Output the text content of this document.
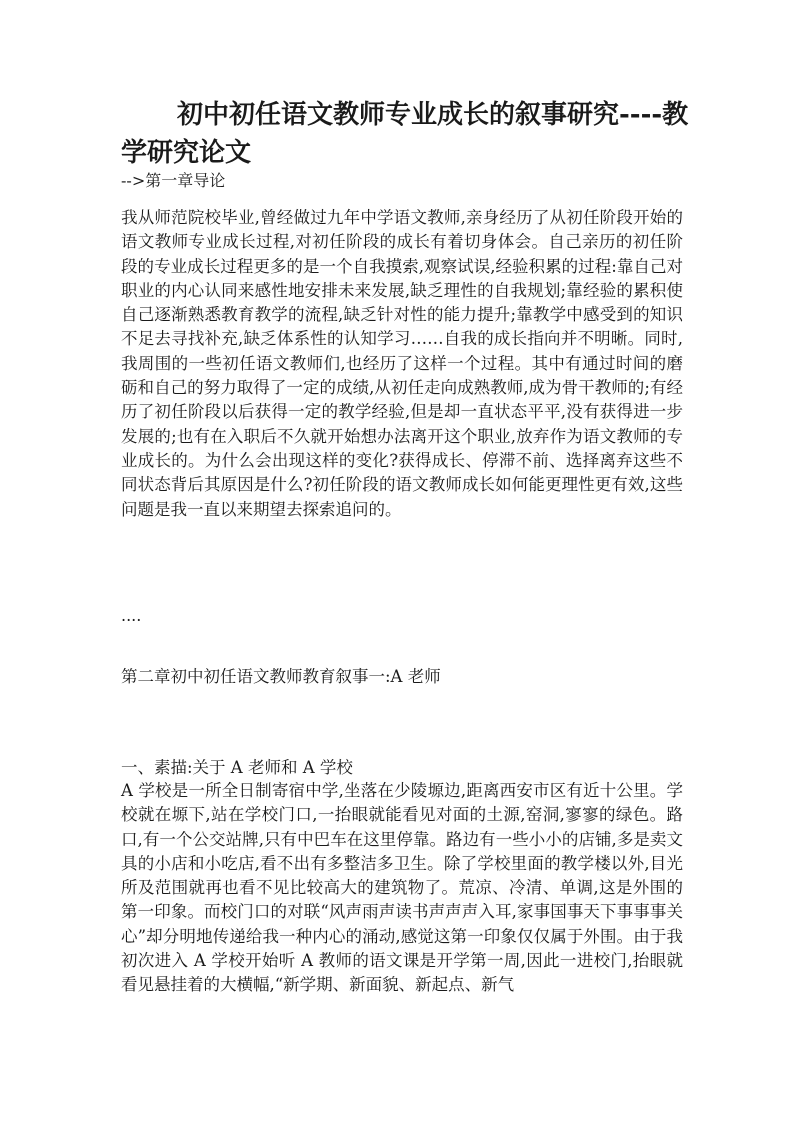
初中初任语文教师专业成长的叙事研究----教学研究论文

-->第一章导论

我从师范院校毕业,曾经做过九年中学语文教师,亲身经历了从初任阶段开始的语文教师专业成长过程,对初任阶段的成长有着切身体会。自己亲历的初任阶段的专业成长过程更多的是一个自我摸索,观察试误,经验积累的过程:靠自己对职业的内心认同来感性地安排未来发展,缺乏理性的自我规划;靠经验的累积使自己逐渐熟悉教育教学的流程,缺乏针对性的能力提升;靠教学中感受到的知识不足去寻找补充,缺乏体系性的认知学习……自我的成长指向并不明晰。同时,我周围的一些初任语文教师们,也经历了这样一个过程。其中有通过时间的磨砺和自己的努力取得了一定的成绩,从初任走向成熟教师,成为骨干教师的;有经历了初任阶段以后获得一定的教学经验,但是却一直状态平平,没有获得进一步发展的;也有在入职后不久就开始想办法离开这个职业,放弃作为语文教师的专业成长的。为什么会出现这样的变化?获得成长、停滞不前、选择离弃这些不同状态背后其原因是什么?初任阶段的语文教师成长如何能更理性更有效,这些问题是我一直以来期望去探索追问的。

....

第二章初中初任语文教师教育叙事一:A 老师

一、素描:关于 A 老师和 A 学校

A 学校是一所全日制寄宿中学,坐落在少陵塬边,距离西安市区有近十公里。学校就在塬下,站在学校门口,一抬眼就能看见对面的土源,窑洞,寥寥的绿色。路口,有一个公交站牌,只有中巴车在这里停靠。路边有一些小小的店铺,多是卖文具的小店和小吃店,看不出有多整洁多卫生。除了学校里面的教学楼以外,目光所及范围就再也看不见比较高大的建筑物了。荒凉、冷清、单调,这是外围的第一印象。而校门口的对联“风声雨声读书声声声入耳,家事国事天下事事事关心”却分明地传递给我一种内心的涌动,感觉这第一印象仅仅属于外围。由于我初次进入 A 学校开始听 A 教师的语文课是开学第一周,因此一进校门,抬眼就看见悬挂着的大横幅,“新学期、新面貌、新起点、新气
